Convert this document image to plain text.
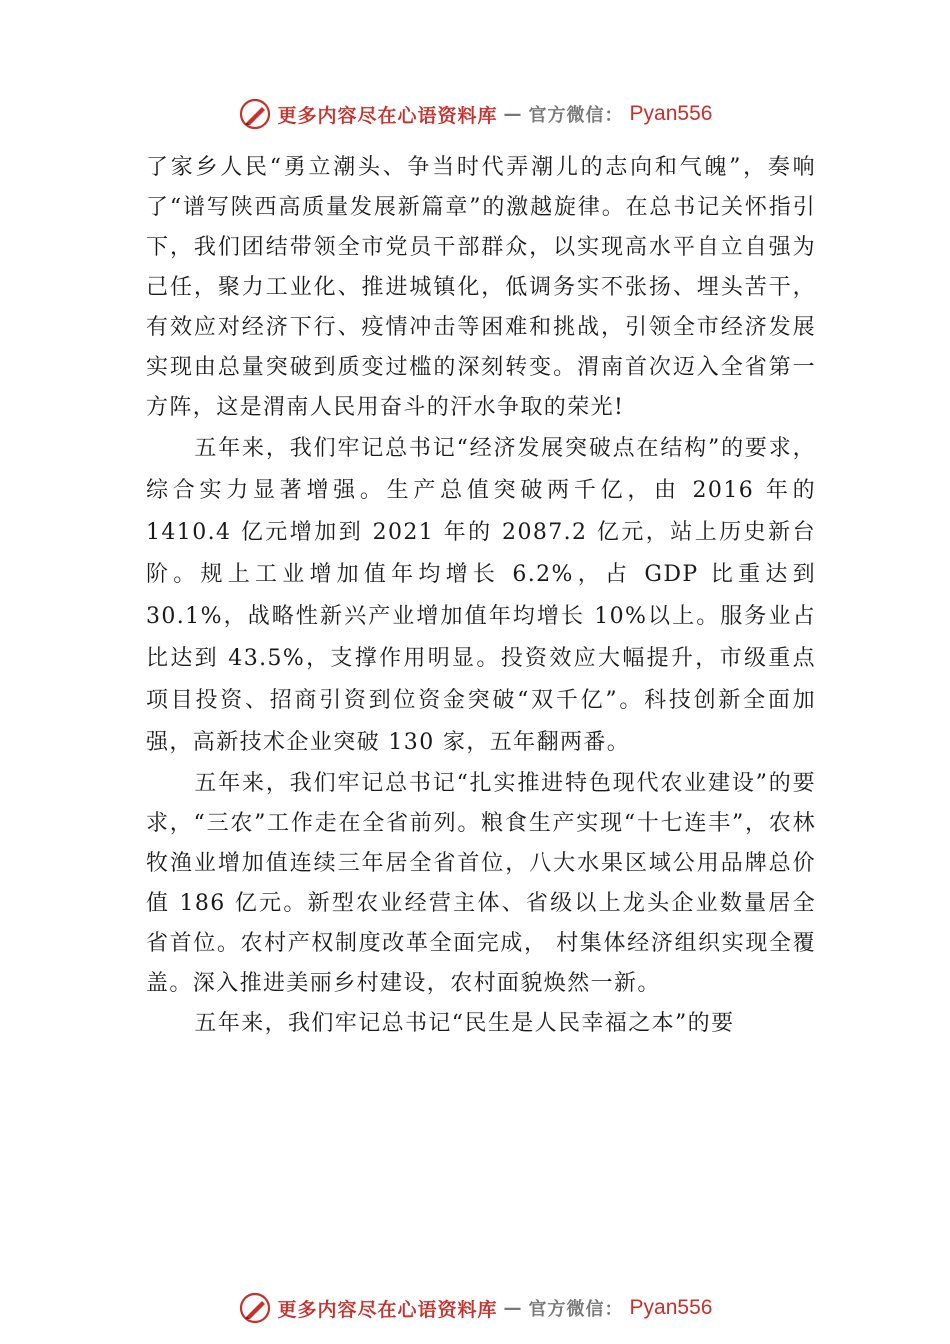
更多内容尽在心语资料库 — 官方微信： Pyan556

了家乡人民“勇立潮头、争当时代弄潮儿的志向和气魄”，奏响了“谱写陕西高质量发展新篇章”的激越旋律。在总书记关怀指引下，我们团结带领全市党员干部群众，以实现高水平自立自强为己任，聚力工业化、推进城镇化，低调务实不张扬、埋头苦干，有效应对经济下行、疫情冲击等困难和挑战，引领全市经济发展实现由总量突破到质变过槛的深刻转变。渭南首次迈入全省第一方阵，这是渭南人民用奋斗的汗水争取的荣光!

五年来，我们牢记总书记“经济发展突破点在结构”的要求，综合实力显著增强。生产总值突破两千亿，由 2016 年的 1410.4 亿元增加到 2021 年的 2087.2 亿元，站上历史新台阶。规上工业增加值年均增长 6.2%，占 GDP 比重达到 30.1%，战略性新兴产业增加值年均增长 10%以上。服务业占比达到 43.5%，支撑作用明显。投资效应大幅提升，市级重点项目投资、招商引资到位资金突破“双千亿”。科技创新全面加强，高新技术企业突破 130 家，五年翻两番。

五年来，我们牢记总书记“扎实推进特色现代农业建设”的要求，“三农”工作走在全省前列。粮食生产实现“十七连丰”，农林牧渔业增加值连续三年居全省首位，八大水果区域公用品牌总价值 186 亿元。新型农业经营主体、省级以上龙头企业数量居全省首位。农村产权制度改革全面完成， 村集体经济组织实现全覆盖。深入推进美丽乡村建设，农村面貌焕然一新。

五年来，我们牢记总书记“民生是人民幸福之本”的要

更多内容尽在心语资料库 — 官方微信： Pyan556
